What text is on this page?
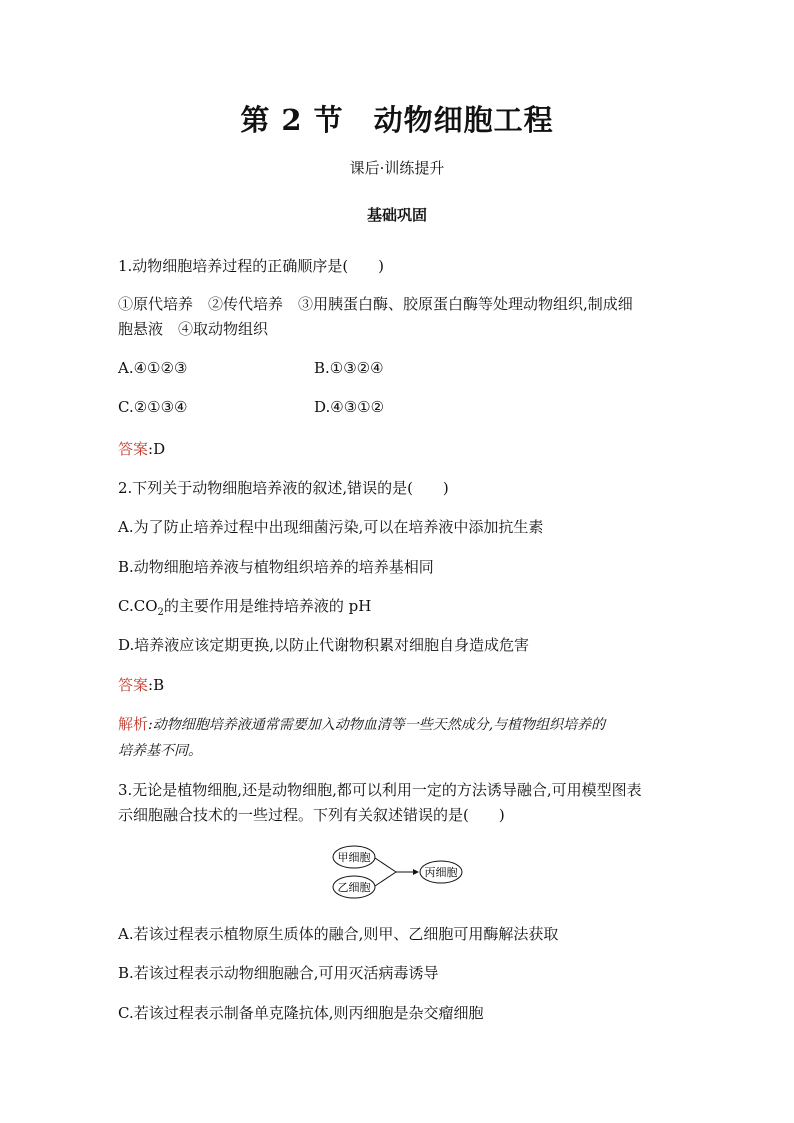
第 2 节　动物细胞工程
课后·训练提升
基础巩固
1.动物细胞培养过程的正确顺序是(　　)
①原代培养　②传代培养　③用胰蛋白酶、胶原蛋白酶等处理动物组织,制成细
胞悬液　④取动物组织
A.④①②③	B.①③②④
C.②①③④	D.④③①②
答案:D
2.下列关于动物细胞培养液的叙述,错误的是(　　)
A.为了防止培养过程中出现细菌污染,可以在培养液中添加抗生素
B.动物细胞培养液与植物组织培养的培养基相同
$C.CO_2$的主要作用是维持培养液的 pH
D.培养液应该定期更换,以防止代谢物积累对细胞自身造成危害
答案:B
解析:动物细胞培养液通常需要加入动物血清等一些天然成分,与植物组织培养的
培养基不同。
3.无论是植物细胞,还是动物细胞,都可以利用一定的方法诱导融合,可用模型图表
示细胞融合技术的一些过程。下列有关叙述错误的是(　　)
甲细胞
乙细胞
丙细胞
A.若该过程表示植物原生质体的融合,则甲、乙细胞可用酶解法获取
B.若该过程表示动物细胞融合,可用灭活病毒诱导
C.若该过程表示制备单克隆抗体,则丙细胞是杂交瘤细胞
